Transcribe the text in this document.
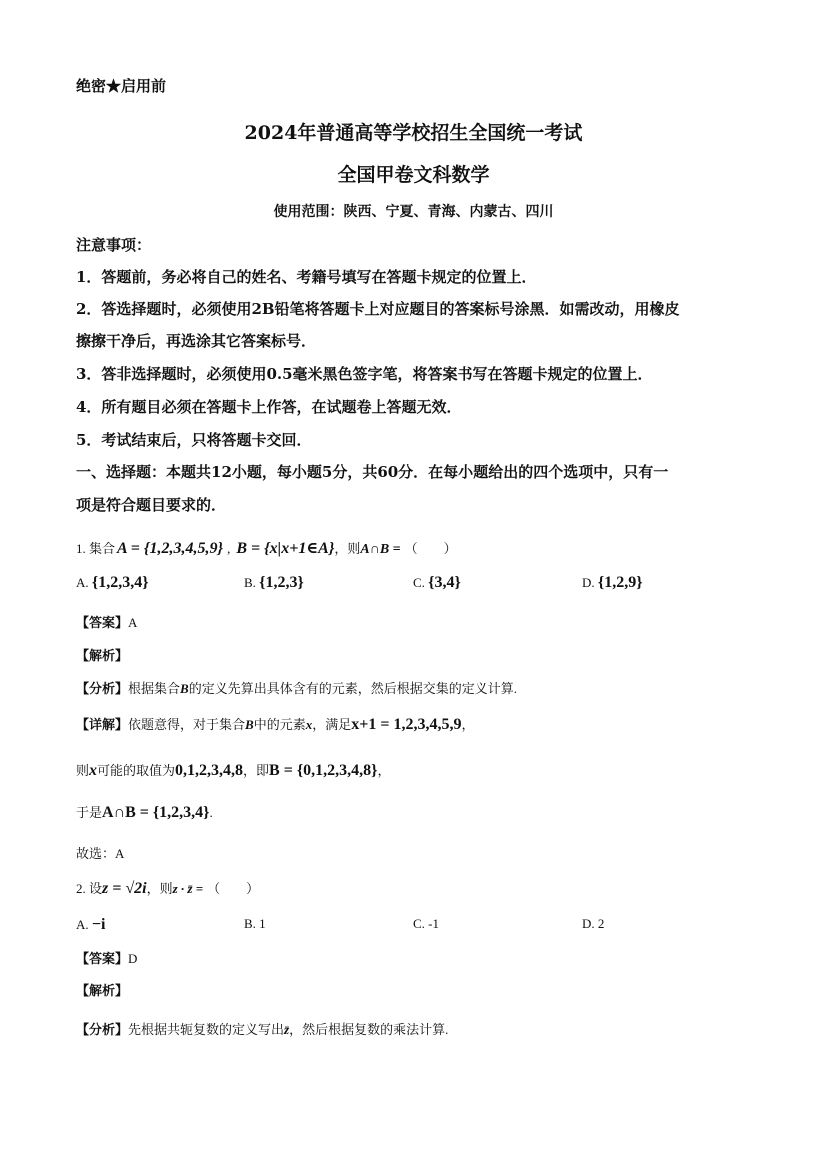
绝密★启用前
2024年普通高等学校招生全国统一考试
全国甲卷文科数学
使用范围：陕西、宁夏、青海、内蒙古、四川
注意事项：
1．答题前，务必将自己的姓名、考籍号填写在答题卡规定的位置上．
2．答选择题时，必须使用2B铅笔将答题卡上对应题目的答案标号涂黑．如需改动，用橡皮
擦擦干净后，再选涂其它答案标号．
3．答非选择题时，必须使用0.5毫米黑色签字笔，将答案书写在答题卡规定的位置上．
4．所有题目必须在答题卡上作答，在试题卷上答题无效．
5．考试结束后，只将答题卡交回．
一、选择题：本题共12小题，每小题5分，共60分．在每小题给出的四个选项中，只有一
项是符合题目要求的．
1. 集合 A = {1,2,3,4,5,9} , B = {x|x+1∈A}，则A∩B = （　　）
A. {1,2,3,4}	B. {1,2,3}	C. {3,4}	D. {1,2,9}
【答案】A
【解析】
【分析】根据集合B的定义先算出具体含有的元素，然后根据交集的定义计算.
【详解】依题意得，对于集合B中的元素x，满足x+1 = 1,2,3,4,5,9，
则x可能的取值为0,1,2,3,4,8，即B = {0,1,2,3,4,8}，
于是A∩B = {1,2,3,4}.
故选：A
2. 设z = √2i，则z · z̄ = （　　）
A. −i	B. 1	C. -1	D. 2
【答案】D
【解析】
【分析】先根据共轭复数的定义写出z̄，然后根据复数的乘法计算.
